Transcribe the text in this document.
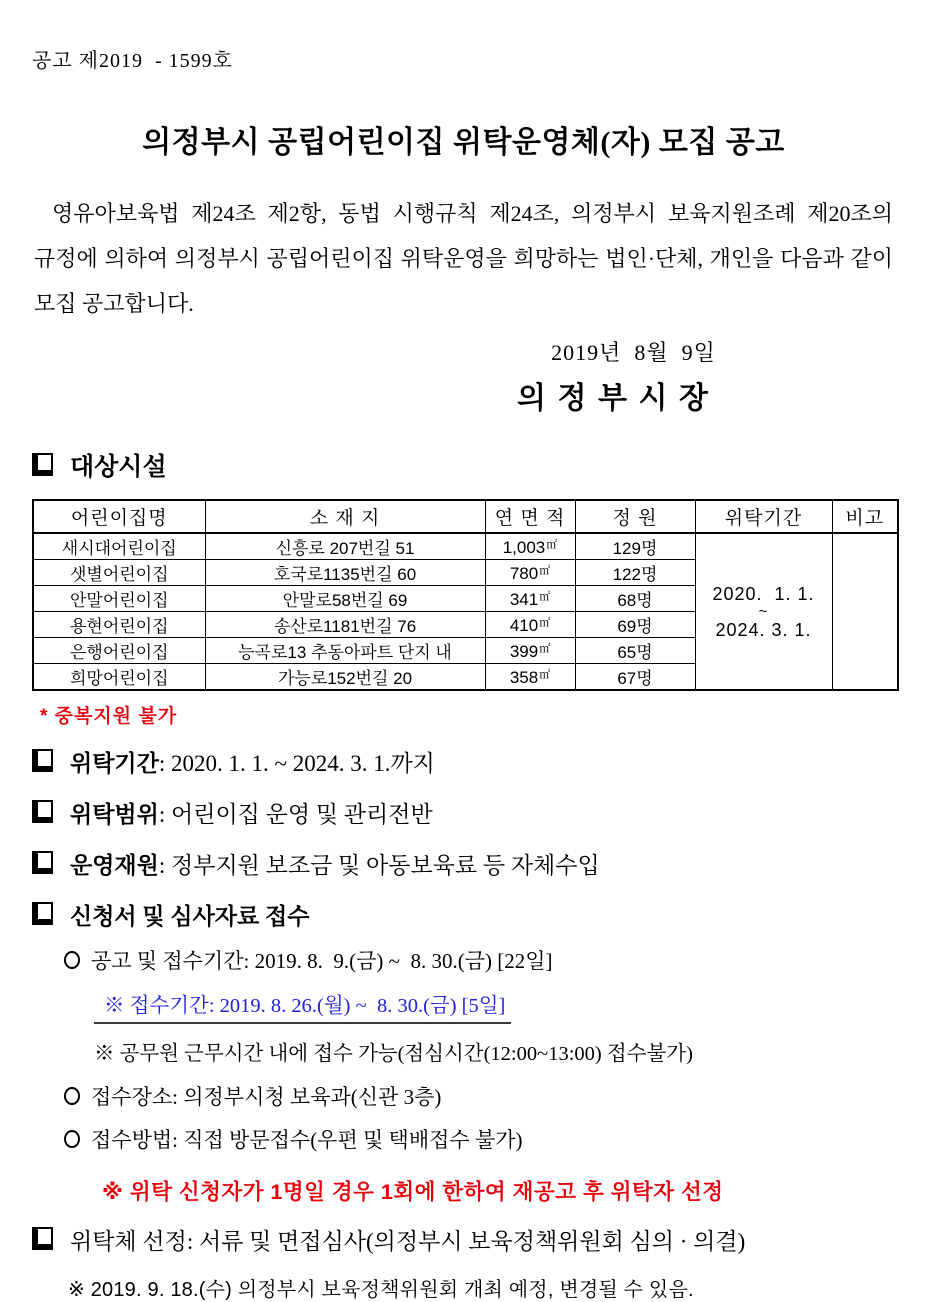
공고 제2019  - 1599호
의정부시 공립어린이집 위탁운영체(자) 모집 공고

영유아보육법 제24조 제2항, 동법 시행규칙 제24조, 의정부시 보육지원조례 제20조의 규정에 의하여 의정부시 공립어린이집 위탁운영을 희망하는 법인·단체, 개인을 다음과 같이 모집 공고합니다.

2019년  8월  9일
의 정 부 시 장
대상시설
어린이집명	소 재 지	연 면 적	정 원	위탁기간	비고
새시대어린이집	신흥로 207번길 51	1,003㎡	129명	2020.  1. 1.
~
2024. 3. 1.	

샛별어린이집	호국로1135번길 60	780㎡	122명		
안말어린이집	안말로58번길 69	341㎡	68명		
용현어린이집	송산로1181번길 76	410㎡	69명		
은행어린이집	능곡로13 추동아파트 단지 내	399㎡	65명		
희망어린이집	가능로152번길 20	358㎡	67명		
* 중복지원 불가
위탁기간: 2020. 1. 1. ~ 2024. 3. 1.까지
위탁범위: 어린이집 운영 및 관리전반
운영재원: 정부지원 보조금 및 아동보육료 등 자체수입
신청서 및 심사자료 접수
공고 및 접수기간: 2019. 8.  9.(금) ~  8. 30.(금) [22일]
※ 접수기간: 2019. 8. 26.(월) ~  8. 30.(금) [5일]
※ 공무원 근무시간 내에 접수 가능(점심시간(12:00~13:00) 접수불가)
접수장소: 의정부시청 보육과(신관 3층)
접수방법: 직접 방문접수(우편 및 택배접수 불가)
※ 위탁 신청자가 1명일 경우 1회에 한하여 재공고 후 위탁자 선정
위탁체 선정: 서류 및 면접심사(의정부시 보육정책위원회 심의 · 의결)
※ 2019. 9. 18.(수) 의정부시 보육정책위원회 개최 예정, 변경될 수 있음.
